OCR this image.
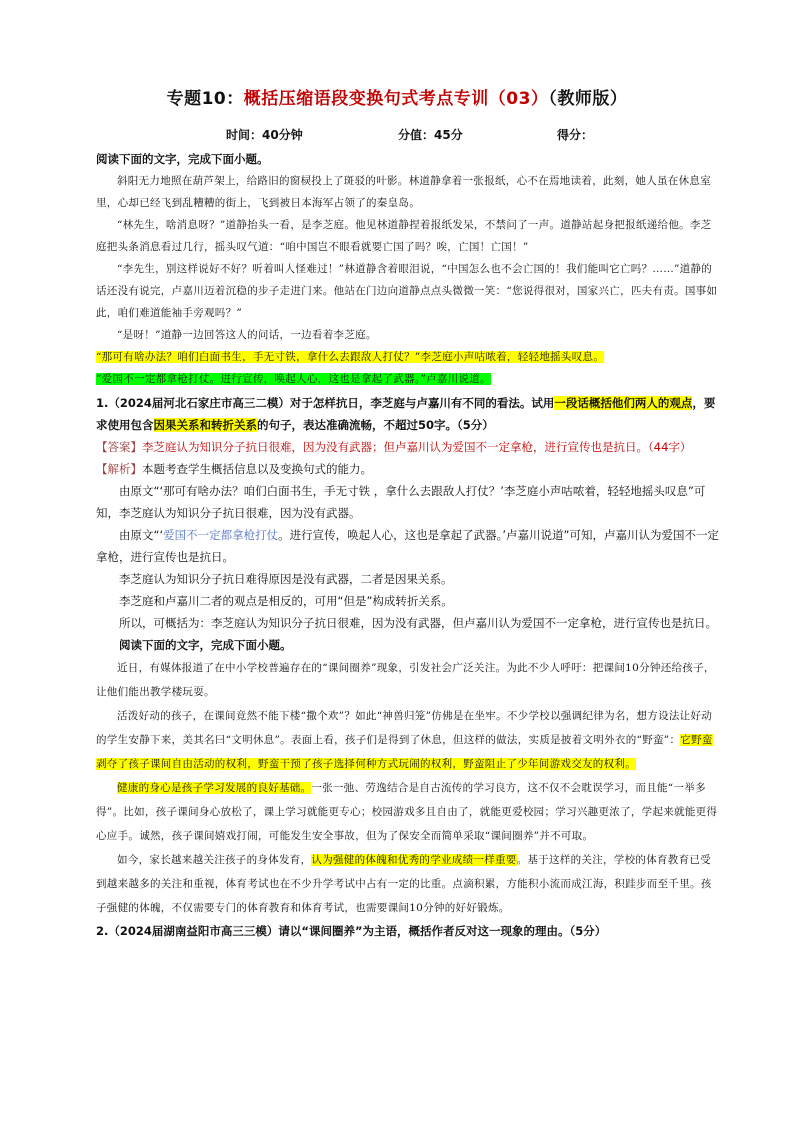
专题10：概括压缩语段变换句式考点专训（03）（教师版）
时间：40分钟	分值：45分	得分：

阅读下面的文字，完成下面小题。

斜阳无力地照在葫芦架上，给路旧的窗棂投上了斑驳的叶影。林道静拿着一张报纸，心不在焉地读着，此刻，她人虽在休息室里，心却已经飞到乱糟糟的街上，飞到被日本海军占领了的秦皇岛。

“林先生，啥消息呀？”道静抬头一看，是李芝庭。他见林道静捏着报纸发呆，不禁问了一声。道静站起身把报纸递给他。李芝庭把头条消息看过几行，摇头叹气道：“咱中国岂不眼看就要亡国了吗？唉，亡国！亡国！”

“李先生，别这样说好不好？听着叫人怪难过！”林道静含着眼泪说，“中国怎么也不会亡国的！我们能叫它亡吗？……”道静的话还没有说完，卢嘉川迈着沉稳的步子走进门来。他站在门边向道静点点头微微一笑：“您说得很对，国家兴亡，匹夫有责。国事如此，咱们难道能袖手旁观吗？”

“是呀！”道静一边回答这人的问话，一边看着李芝庭。

“那可有啥办法？咱们白面书生，手无寸铁，拿什么去跟敌人打仗？”李芝庭小声咕哝着，轻轻地摇头叹息。

“爱国不一定都拿枪打仗。进行宣传，唤起人心，这也是拿起了武器。”卢嘉川说道。

1.（2024届河北石家庄市高三二模）对于怎样抗日，李芝庭与卢嘉川有不同的看法。试用一段话概括他们两人的观点，要求使用包含因果关系和转折关系的句子，表达准确流畅，不超过50字。（5分）

【答案】李芝庭认为知识分子抗日很难，因为没有武器；但卢嘉川认为爱国不一定拿枪，进行宣传也是抗日。（44字）

【解析】本题考查学生概括信息以及变换句式的能力。

由原文“‘那可有啥办法？咱们白面书生，手无寸铁 ，拿什么去跟敌人打仗？’李芝庭小声咕哝着，轻轻地摇头叹息”可知，李芝庭认为知识分子抗日很难，因为没有武器。

由原文“‘爱国不一定都拿枪打仗。进行宣传，唤起人心，这也是拿起了武器。’卢嘉川说道”可知，卢嘉川认为爱国不一定拿枪，进行宣传也是抗日。

李芝庭认为知识分子抗日难得原因是没有武器，二者是因果关系。

李芝庭和卢嘉川二者的观点是相反的，可用“但是”构成转折关系。

所以，可概括为：李芝庭认为知识分子抗日很难，因为没有武器，但卢嘉川认为爱国不一定拿枪，进行宣传也是抗日。

阅读下面的文字，完成下面小题。

近日，有媒体报道了在中小学校普遍存在的“课间圈养”现象，引发社会广泛关注。为此不少人呼吁：把课间10分钟还给孩子，让他们能出教学楼玩耍。

活泼好动的孩子，在课间竟然不能下楼“撒个欢”？如此“神兽归笼”仿佛是在坐牢。不少学校以强调纪律为名，想方设法让好动的学生安静下来，美其名曰“文明休息”。表面上看，孩子们是得到了休息，但这样的做法，实质是披着文明外衣的“野蛮”：它野蛮剥夺了孩子课间自由活动的权利，野蛮干预了孩子选择何种方式玩闹的权利，野蛮阻止了少年间游戏交友的权利。

健康的身心是孩子学习发展的良好基础。一张一弛、劳逸结合是自古流传的学习良方，这不仅不会耽误学习，而且能“一举多得”。比如，孩子课间身心放松了，课上学习就能更专心；校园游戏多且自由了，就能更爱校园；学习兴趣更浓了，学起来就能更得心应手。诚然，孩子课间嬉戏打闹，可能发生安全事故，但为了保安全而简单采取“课间圈养”并不可取。

如今，家长越来越关注孩子的身体发育，认为强健的体魄和优秀的学业成绩一样重要。基于这样的关注，学校的体育教育已受到越来越多的关注和重视，体育考试也在不少升学考试中占有一定的比重。点滴积累，方能积小流而成江海，积跬步而至千里。孩子强健的体魄，不仅需要专门的体育教育和体育考试，也需要课间10分钟的好好锻炼。

2.（2024届湖南益阳市高三三模）请以“课间圈养”为主语，概括作者反对这一现象的理由。（5分）
